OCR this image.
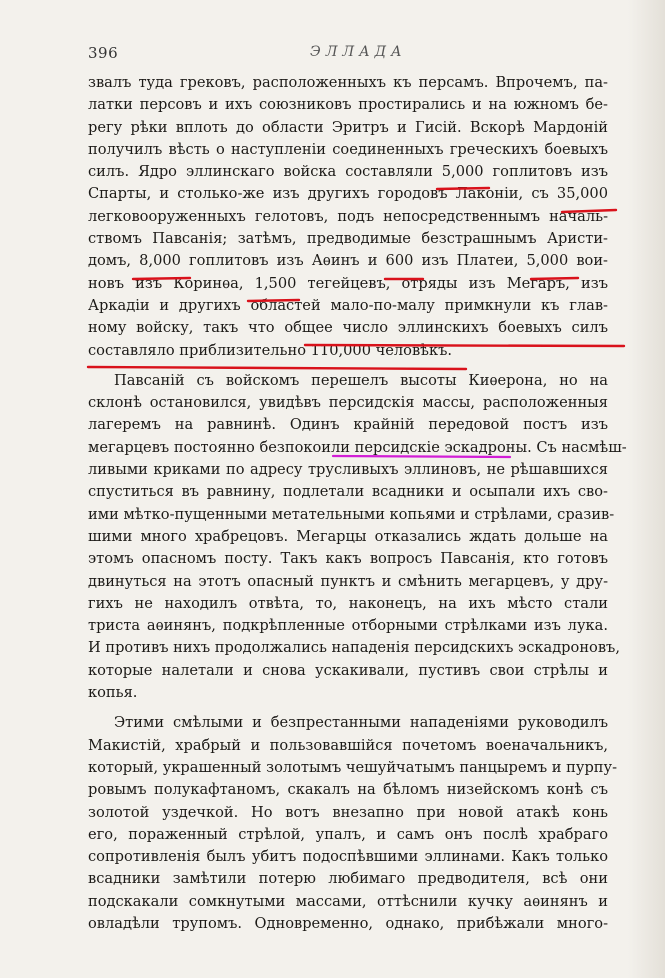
396	ЭЛЛАДА
звалъ туда грековъ, расположенныхъ къ персамъ. Впрочемъ, па-
латки персовъ и ихъ союзниковъ простирались и на южномъ бе-
регу рѣки вплоть до области Эритръ и Гисій. Вскорѣ Мардоній
получилъ вѣсть о наступленіи соединенныхъ греческихъ боевыхъ
силъ. Ядро эллинскаго войска составляли 5,000 гоплитовъ изъ
Спарты, и столько-же изъ другихъ городовъ Лаконіи, съ 35,000
легковооруженныхъ гелотовъ, подъ непосредственнымъ началь-
ствомъ Павсанія; затѣмъ, предводимые безстрашнымъ Аристи-
домъ, 8,000 гоплитовъ изъ Аѳинъ и 600 изъ Платеи, 5,000 вои-
новъ изъ Коринѳа, 1,500 тегейцевъ, отряды изъ Мегаръ, изъ
Аркадіи и другихъ областей мало-по-малу примкнули къ глав-
ному войску, такъ что общее число эллинскихъ боевыхъ силъ
составляло приблизительно 110,000 человѣкъ.
Павсаній съ войскомъ перешелъ высоты Киѳерона, но на
склонѣ остановился, увидѣвъ персидскія массы, расположенныя
лагеремъ на равнинѣ. Одинъ крайній передовой постъ изъ
мегарцевъ постоянно безпокоили персидскіе эскадроны. Съ насмѣш-
ливыми криками по адресу трусливыхъ эллиновъ, не рѣшавшихся
спуститься въ равнину, подлетали всадники и осыпали ихъ сво-
ими мѣтко-пущенными метательными копьями и стрѣлами, сразив-
шими много храбрецовъ. Мегарцы отказались ждать дольше на
этомъ опасномъ посту. Такъ какъ вопросъ Павсанія, кто готовъ
двинуться на этотъ опасный пунктъ и смѣнить мегарцевъ, у дру-
гихъ не находилъ отвѣта, то, наконецъ, на ихъ мѣсто стали
триста аѳинянъ, подкрѣпленные отборными стрѣлками изъ лука.
И противъ нихъ продолжались нападенія персидскихъ эскадроновъ,
которые налетали и снова ускакивали, пустивъ свои стрѣлы и
копья.
Этими смѣлыми и безпрестанными нападеніями руководилъ
Макистій, храбрый и пользовавшійся почетомъ военачальникъ,
который, украшенный золотымъ чешуйчатымъ панцыремъ и пурпу-
ровымъ полукафтаномъ, скакалъ на бѣломъ низейскомъ конѣ съ
золотой уздечкой. Но вотъ внезапно при новой атакѣ конь
его, пораженный стрѣлой, упалъ, и самъ онъ послѣ храбраго
сопротивленія былъ убитъ подоспѣвшими эллинами. Какъ только
всадники замѣтили потерю любимаго предводителя, всѣ они
подскакали сомкнутыми массами, оттѣснили кучку аѳинянъ и
овладѣли трупомъ. Одновременно, однако, прибѣжали много-
